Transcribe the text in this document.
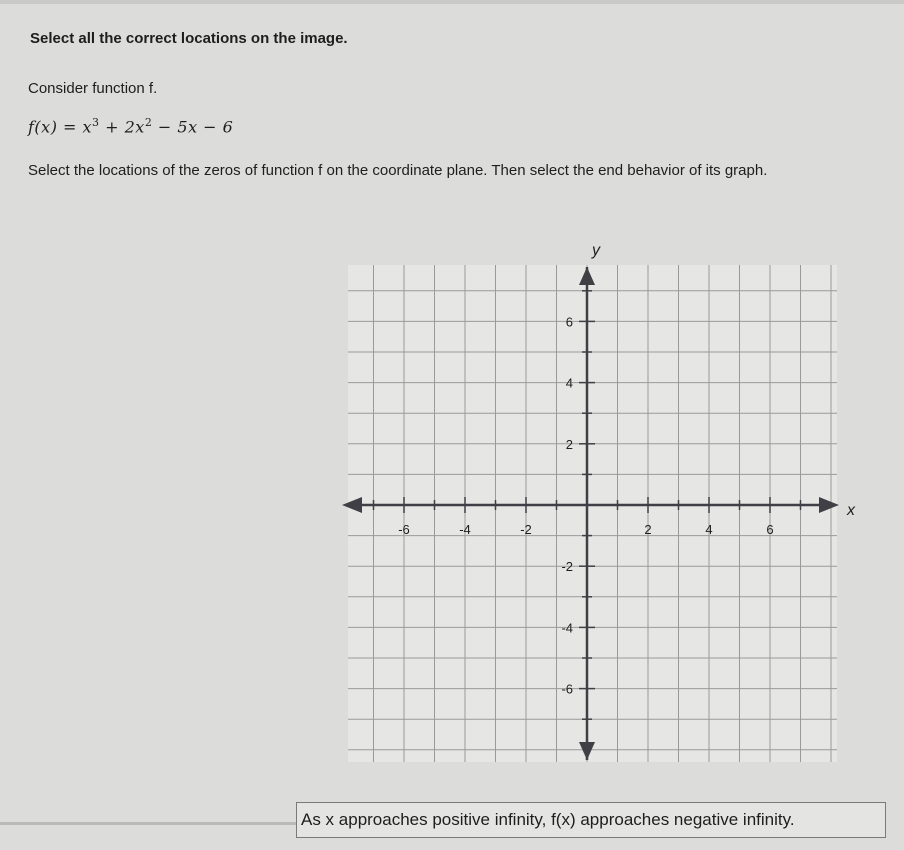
Select all the correct locations on the image.
Consider function f.
$f(x) = x^3 + 2x^2 - 5x - 6$
Select the locations of the zeros of function f on the coordinate plane. Then select the end behavior of its graph.
-6	-4	-2	2	4	6
6
4
2
-2
-4
-6
x
y
As x approaches positive infinity, f(x) approaches negative infinity.
